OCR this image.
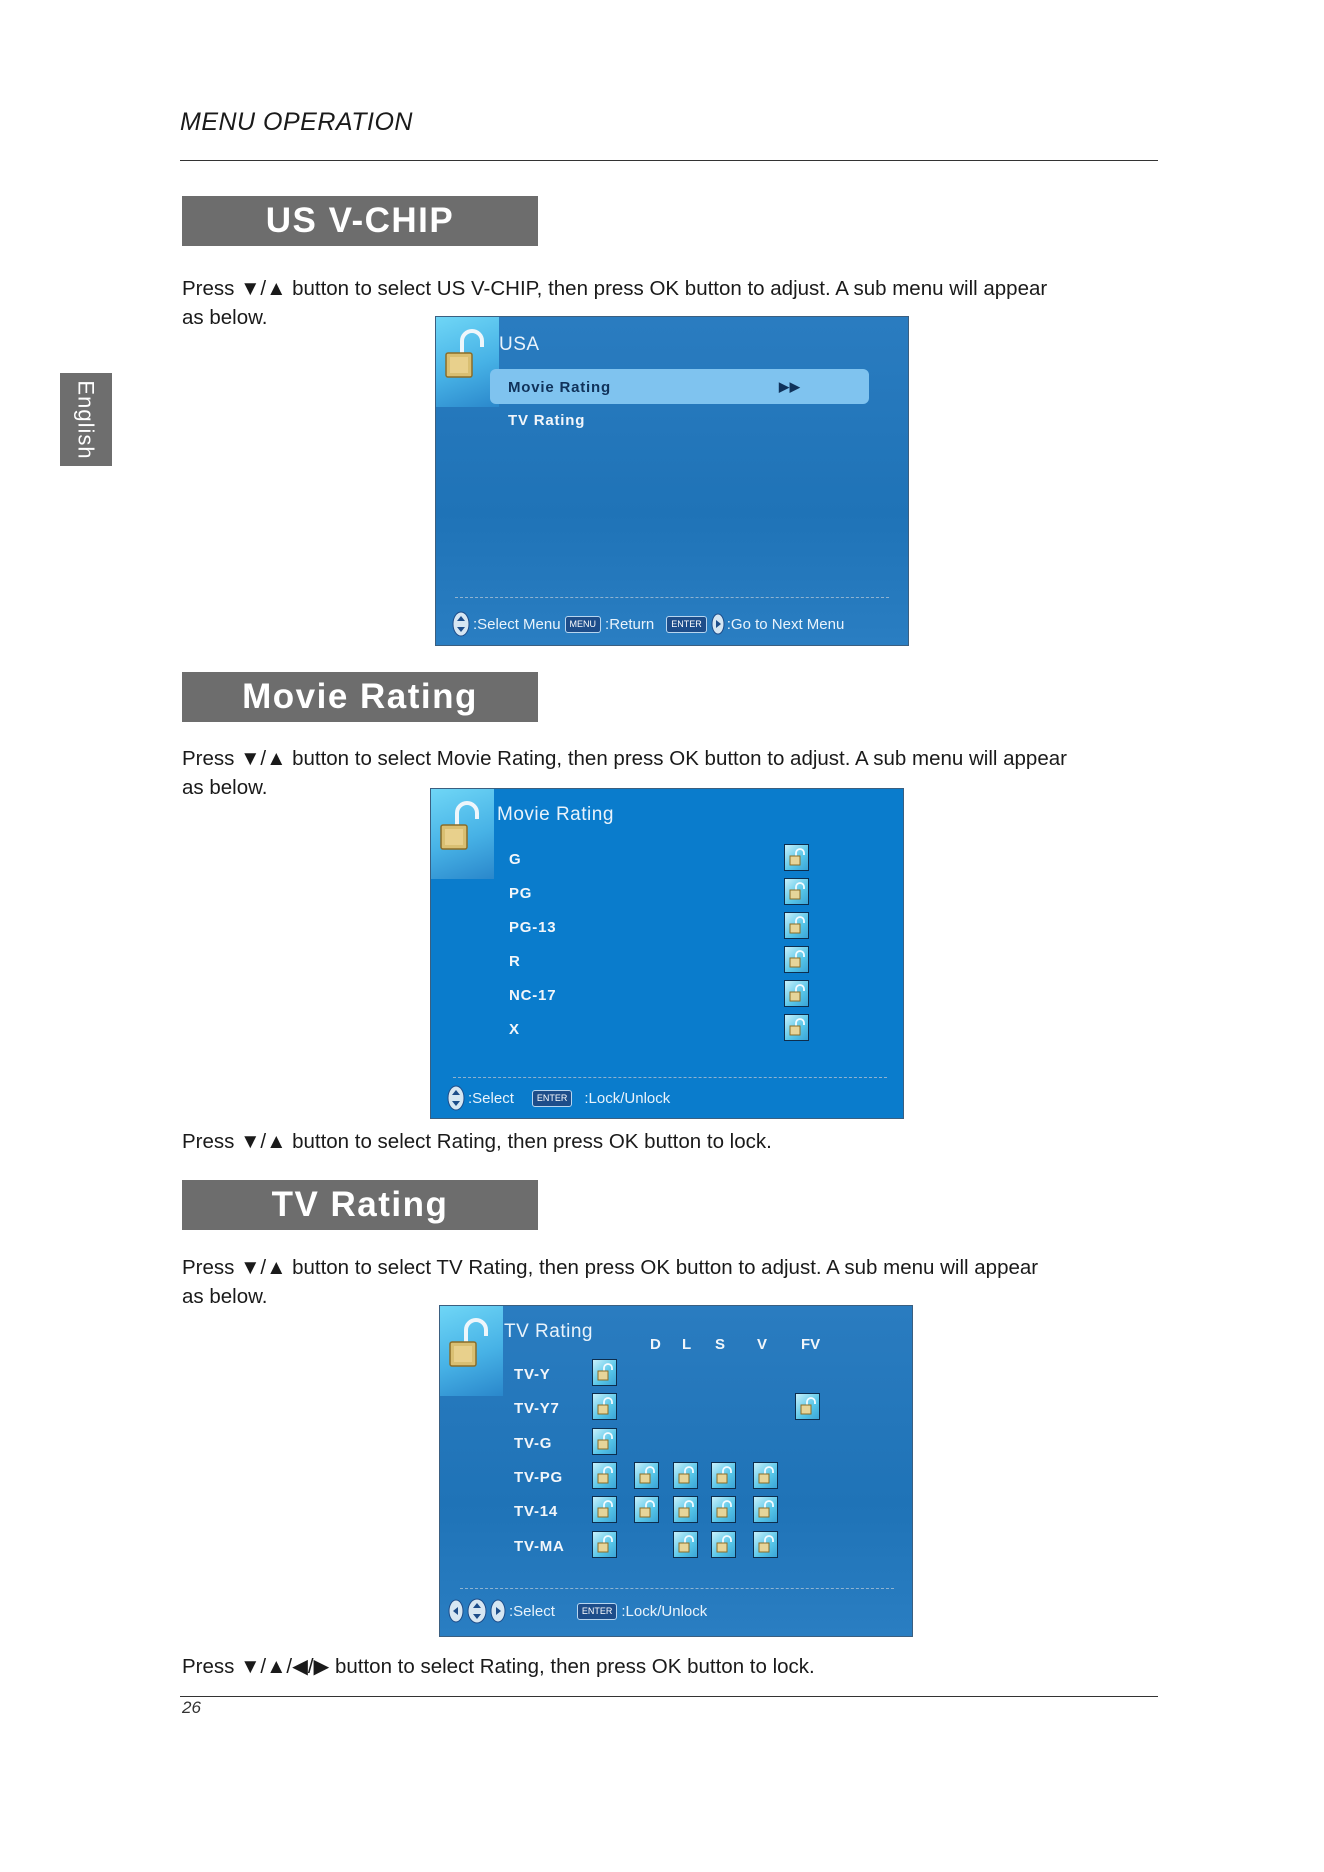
MENU OPERATION
English
US V-CHIP
Press ▼/▲ button to select US V-CHIP, then press OK button to adjust. A sub menu will appear
as below.
USA
Movie Rating	▶▶
TV Rating
:Select Menu	MENU :Return	ENTER	:Go to Next Menu
Movie Rating
Press ▼/▲ button to select Movie Rating, then press OK button to adjust. A sub menu will appear
as below.
Movie Rating
G
PG
PG-13
R
NC-17
X
:Select	ENTER	:Lock/Unlock
Press ▼/▲ button to select Rating, then press OK button to lock.
TV Rating
Press ▼/▲ button to select TV Rating, then press OK button to adjust. A sub menu will appear
as below.
TV Rating
D L S V FV
TV-Y
TV-Y7
TV-G
TV-PG
TV-14
TV-MA
:Select	ENTER :Lock/Unlock
Press ▼/▲/◀/▶ button to select Rating, then press OK button to lock.
26
